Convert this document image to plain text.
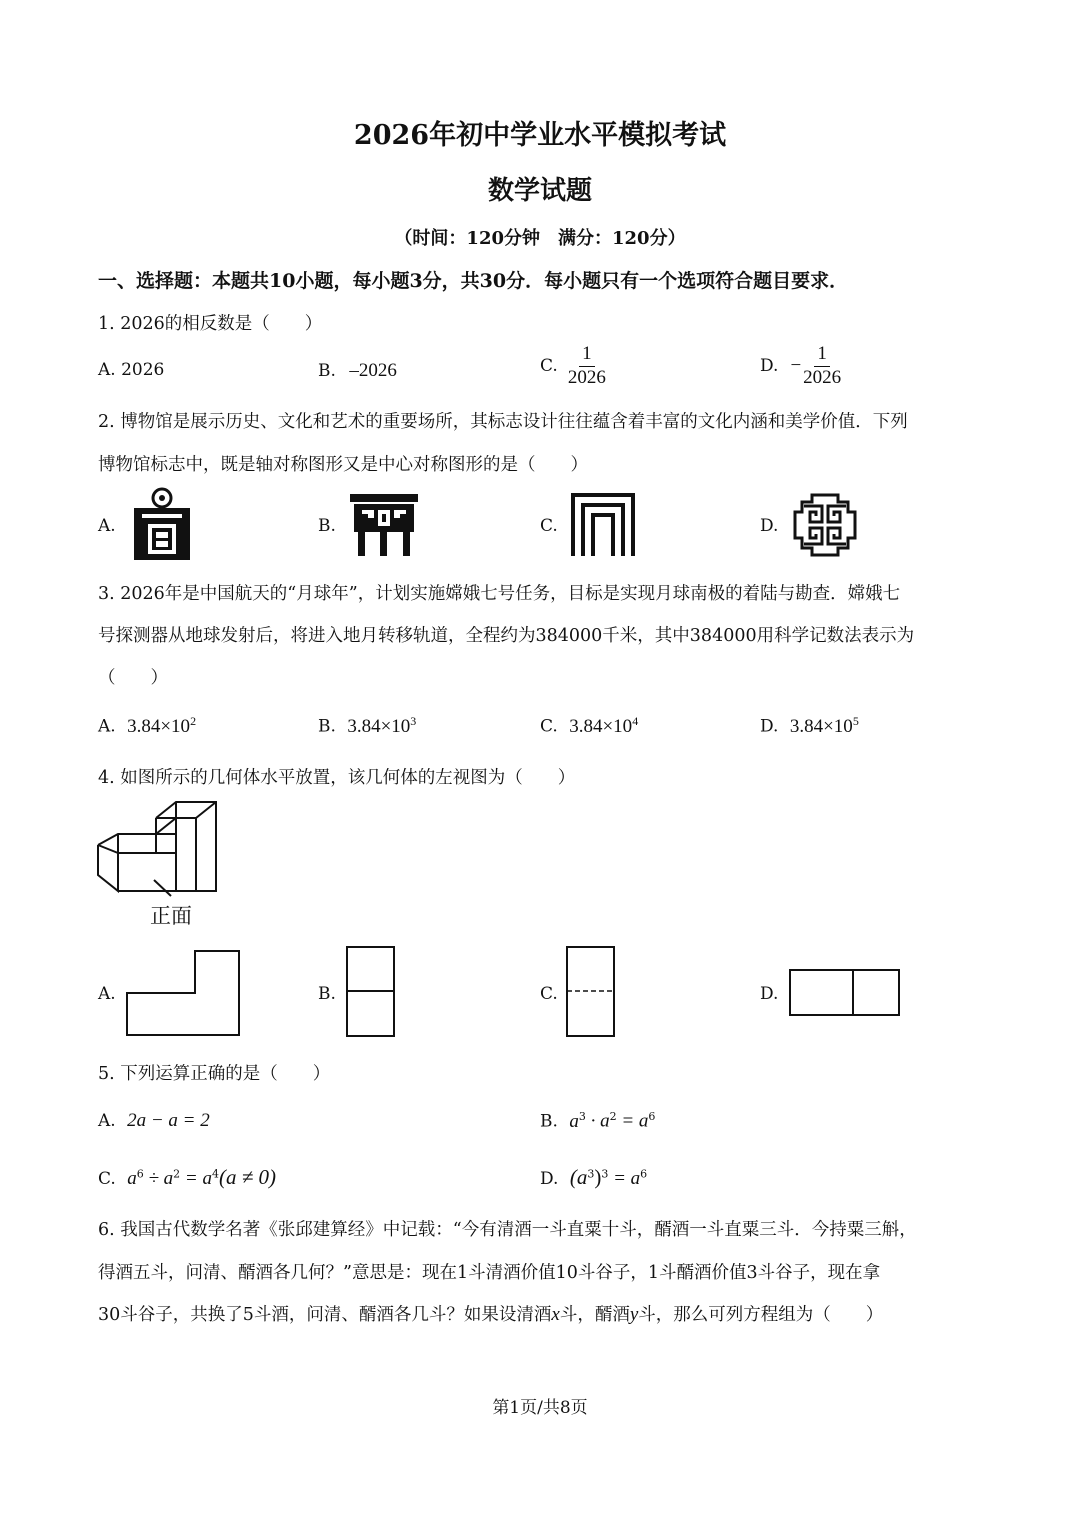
2026年初中学业水平模拟考试
数学试题
（时间：120分钟　满分：120分）
一、选择题：本题共10小题，每小题3分，共30分．每小题只有一个选项符合题目要求．
1. 2026的相反数是（　　）
A. 2026	B. –2026	C. $\frac{1}{2026}$	D. − $\frac{1}{2026}$
2. 博物馆是展示历史、文化和艺术的重要场所，其标志设计往往蕴含着丰富的文化内涵和美学价值．下列
博物馆标志中，既是轴对称图形又是中心对称图形的是（　　）
A.	B.	C.	D.
3. 2026年是中国航天的“月球年”，计划实施嫦娥七号任务，目标是实现月球南极的着陆与勘查．嫦娥七
号探测器从地球发射后，将进入地月转移轨道，全程约为384000千米，其中384000用科学记数法表示为
（　　）
A. $3.84\times 10^2$	B. $3.84\times 10^3$	C. $3.84\times 10^4$	D. $3.84\times 10^5$
4. 如图所示的几何体水平放置，该几何体的左视图为（　　）
正面
A.	B.	C.	D.
5. 下列运算正确的是（　　）
A. 2a − a = 2	B. $a^3 \cdot a^2 = a^6$
C. $a^6 \div a^2 = a^4(a \ne 0)$	D. $(a^3)^3 = a^6$
6. 我国古代数学名著《张邱建算经》中记载：“今有清酒一斗直粟十斗，醑酒一斗直粟三斗．今持粟三斛，
得酒五斗，问清、醑酒各几何？”意思是：现在1斗清酒价值10斗谷子，1斗醑酒价值3斗谷子，现在拿
30斗谷子，共换了5斗酒，问清、醑酒各几斗？如果设清酒x斗，醑酒y斗，那么可列方程组为（　　）
第1页/共8页
